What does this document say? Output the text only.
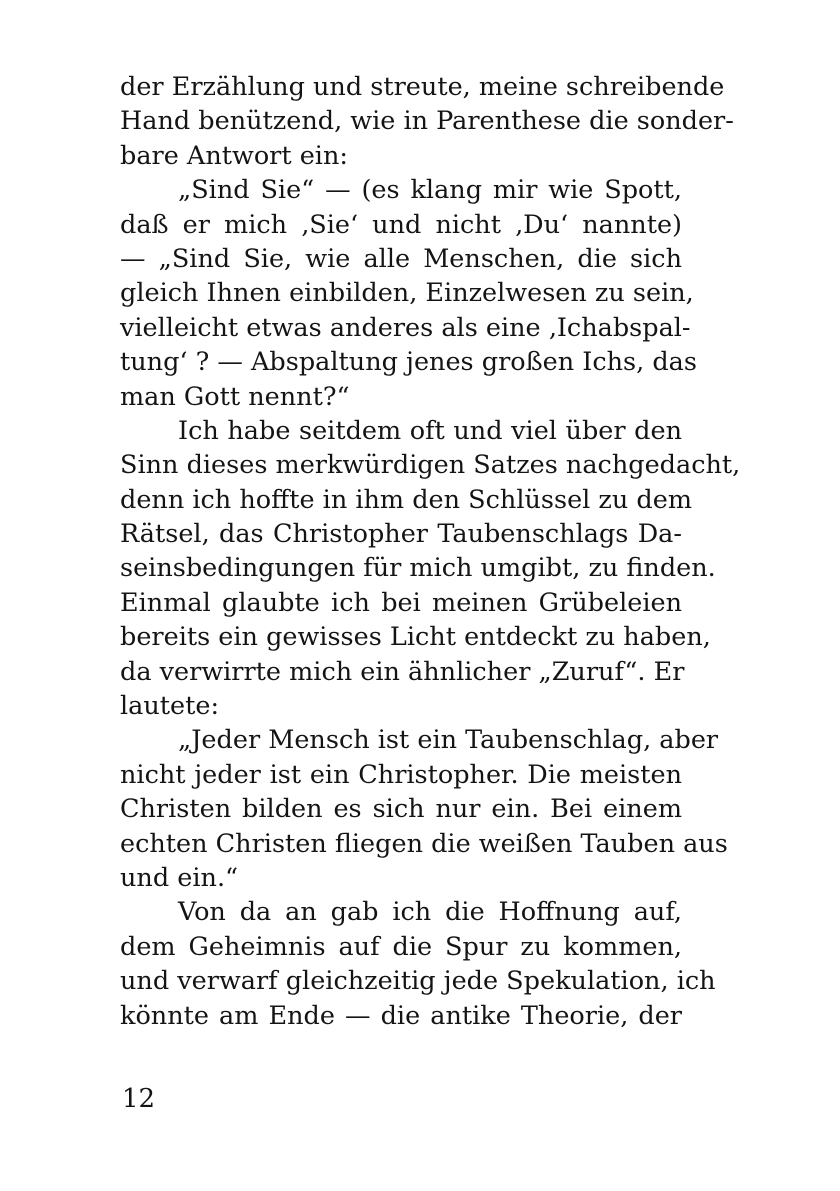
der Erzählung und streute, meine schreibende
Hand benützend, wie in Parenthese die sonder-
bare Antwort ein:
„Sind Sie“ — (es klang mir wie Spott,
daß er mich ‚Sie‘ und nicht ‚Du‘ nannte)
— „Sind Sie, wie alle Menschen, die sich
gleich Ihnen einbilden, Einzelwesen zu sein,
vielleicht etwas anderes als eine ‚Ichabspal-
tung‘ ? — Abspaltung jenes großen Ichs, das
man Gott nennt?“
Ich habe seitdem oft und viel über den
Sinn dieses merkwürdigen Satzes nachgedacht,
denn ich hoffte in ihm den Schlüssel zu dem
Rätsel, das Christopher Taubenschlags Da-
seinsbedingungen für mich umgibt, zu finden.
Einmal glaubte ich bei meinen Grübeleien
bereits ein gewisses Licht entdeckt zu haben,
da verwirrte mich ein ähnlicher „Zuruf“. Er
lautete:
„Jeder Mensch ist ein Taubenschlag, aber
nicht jeder ist ein Christopher. Die meisten
Christen bilden es sich nur ein. Bei einem
echten Christen fliegen die weißen Tauben aus
und ein.“
Von da an gab ich die Hoffnung auf,
dem Geheimnis auf die Spur zu kommen,
und verwarf gleichzeitig jede Spekulation, ich
könnte am Ende — die antike Theorie, der
12
